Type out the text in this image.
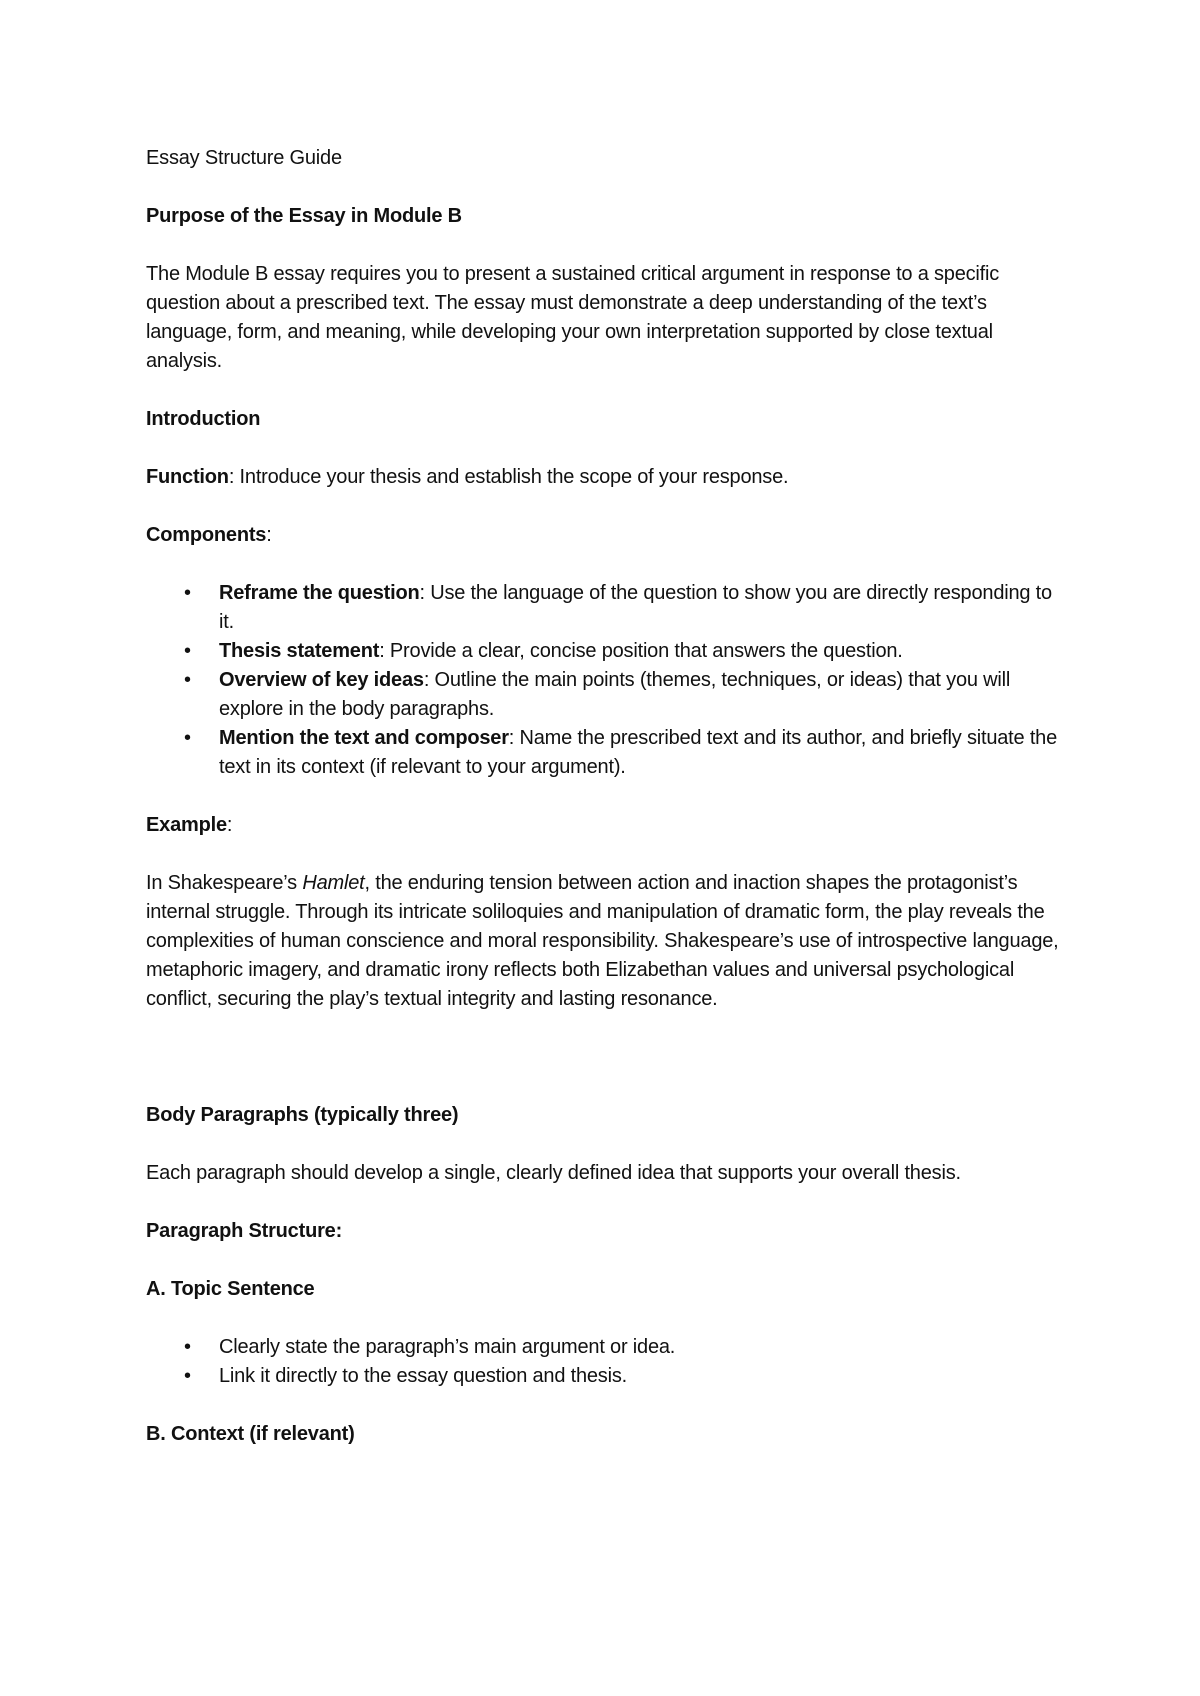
Essay Structure Guide

Purpose of the Essay in Module B

The Module B essay requires you to present a sustained critical argument in response to a specific question about a prescribed text. The essay must demonstrate a deep understanding of the text’s language, form, and meaning, while developing your own interpretation supported by close textual analysis.

Introduction

Function: Introduce your thesis and establish the scope of your response.

Components:

• Reframe the question: Use the language of the question to show you are directly responding to it.
• Thesis statement: Provide a clear, concise position that answers the question.
• Overview of key ideas: Outline the main points (themes, techniques, or ideas) that you will explore in the body paragraphs.
• Mention the text and composer: Name the prescribed text and its author, and briefly situate the text in its context (if relevant to your argument).

Example:

In Shakespeare’s Hamlet, the enduring tension between action and inaction shapes the protagonist’s internal struggle. Through its intricate soliloquies and manipulation of dramatic form, the play reveals the complexities of human conscience and moral responsibility. Shakespeare’s use of introspective language, metaphoric imagery, and dramatic irony reflects both Elizabethan values and universal psychological conflict, securing the play’s textual integrity and lasting resonance.

Body Paragraphs (typically three)

Each paragraph should develop a single, clearly defined idea that supports your overall thesis.

Paragraph Structure:

A. Topic Sentence

• Clearly state the paragraph’s main argument or idea.
• Link it directly to the essay question and thesis.

B. Context (if relevant)
